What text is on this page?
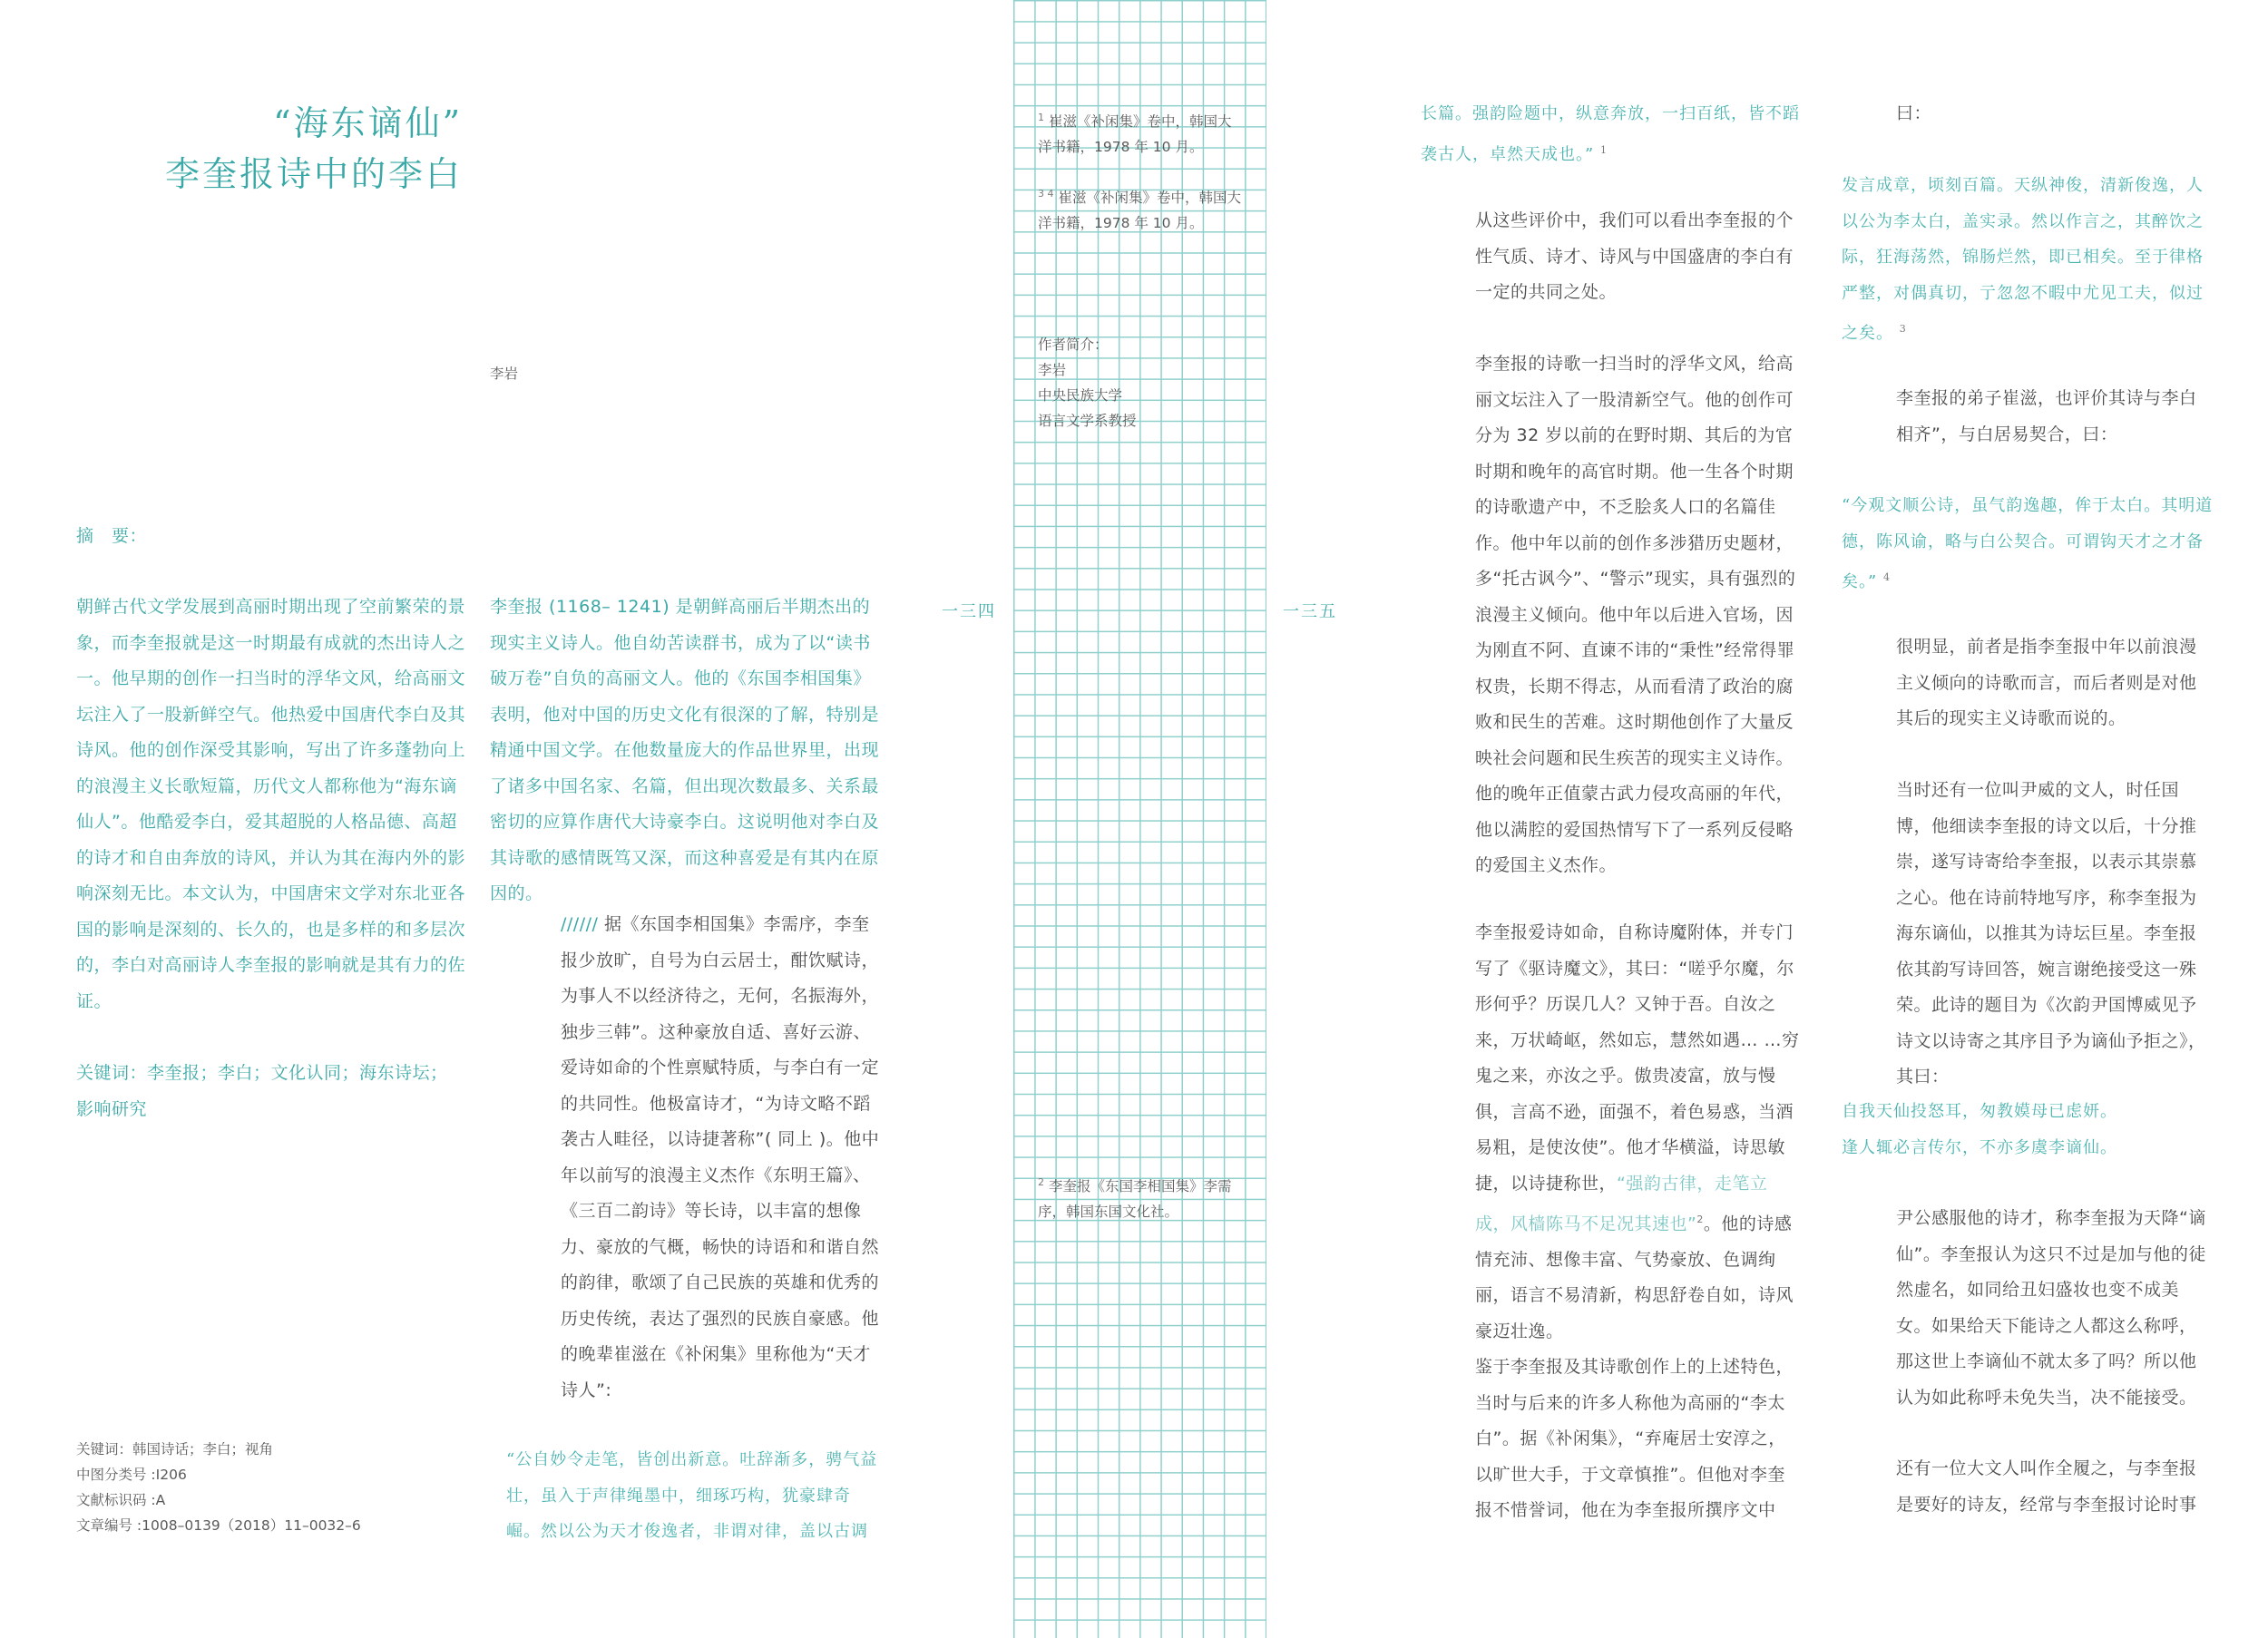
“海东谪仙”
李奎报诗中的李白
李岩
摘　要：
朝鲜古代文学发展到高丽时期出现了空前繁荣的景象，而李奎报就是这一时期最有成就的杰出诗人之一。他早期的创作一扫当时的浮华文风，给高丽文坛注入了一股新鲜空气。他热爱中国唐代李白及其诗风。他的创作深受其影响，写出了许多蓬勃向上的浪漫主义长歌短篇，历代文人都称他为“海东谪仙人”。他酷爱李白，爱其超脱的人格品德、高超的诗才和自由奔放的诗风，并认为其在海内外的影响深刻无比。本文认为，中国唐宋文学对东北亚各国的影响是深刻的、长久的，也是多样的和多层次的，李白对高丽诗人李奎报的影响就是其有力的佐证。
关键词：李奎报；李白；文化认同；海东诗坛； 影响研究
关键词：韩国诗话；李白；视角
中图分类号 :I206
文献标识码 :A
文章编号 :1008–0139（2018）11–0032–6
李奎报 (1168– 1241) 是朝鲜高丽后半期杰出的现实主义诗人。他自幼苦读群书，成为了以“读书破万卷”自负的高丽文人。他的《东国李相国集》表明，他对中国的历史文化有很深的了解，特别是精通中国文学。在他数量庞大的作品世界里，出现了诸多中国名家、名篇，但出现次数最多、关系最密切的应算作唐代大诗豪李白。这说明他对李白及其诗歌的感情既笃又深，而这种喜爱是有其内在原因的。
////// 据《东国李相国集》李需序，李奎报少放旷，自号为白云居士，酣饮赋诗，为事人不以经济待之，无何，名振海外，独步三韩”。这种豪放自适、喜好云游、爱诗如命的个性禀赋特质，与李白有一定的共同性。他极富诗才，“为诗文略不蹈袭古人畦径，以诗捷著称”( 同上 )。他中年以前写的浪漫主义杰作《东明王篇》、《三百二韵诗》等长诗，以丰富的想像力、豪放的气概，畅快的诗语和和谐自然的韵律，歌颂了自己民族的英雄和优秀的历史传统，表达了强烈的民族自豪感。他的晚辈崔滋在《补闲集》里称他为“天才诗人”:
“公自妙令走笔，皆创出新意。吐辞渐多，骋气益壮，虽入于声律绳墨中，细琢巧构，犹豪肆奇崛。然以公为天才俊逸者，非谓对律，盖以古调
一三四
$^1$ 崔滋《补闲集》卷中，韩国大洋书籍，1978 年 10 月。
$^{3 4}$ 崔滋《补闲集》卷中，韩国大洋书籍，1978 年 10 月。
作者简介：
李岩
中央民族大学
语言文学系教授
$^2$ 李奎报《东国李相国集》李需序，韩国东国文化社。
一三五
长篇。强韵险题中，纵意奔放，一扫百纸，皆不蹈袭古人，卓然天成也。” $^1$
从这些评价中，我们可以看出李奎报的个性气质、诗才、诗风与中国盛唐的李白有一定的共同之处。
李奎报的诗歌一扫当时的浮华文风，给高丽文坛注入了一股清新空气。他的创作可分为 32 岁以前的在野时期、其后的为官时期和晚年的高官时期。他一生各个时期的诗歌遗产中，不乏脍炙人口的名篇佳作。他中年以前的创作多涉猎历史题材，多“托古讽今”、“警示”现实，具有强烈的浪漫主义倾向。他中年以后进入官场，因为刚直不阿、直谏不讳的“秉性”经常得罪权贵，长期不得志，从而看清了政治的腐败和民生的苦难。这时期他创作了大量反映社会问题和民生疾苦的现实主义诗作。他的晚年正值蒙古武力侵攻高丽的年代，他以满腔的爱国热情写下了一系列反侵略的爱国主义杰作。
李奎报爱诗如命，自称诗魔附体，并专门写了《驱诗魔文》，其曰：“嗟乎尔魔，尔形何乎？历误几人？又钟于吾。自汝之来，万状崎岖，然如忘，慧然如遇… …穷鬼之来，亦汝之乎。傲贵凌富，放与慢俱，言高不逊，面强不，着色易惑，当酒易粗，是使汝使”。他才华横溢，诗思敏捷，以诗捷称世，“强韵古律，走笔立成，风樯陈马不足况其速也”$^2$。他的诗感情充沛、想像丰富、气势豪放、色调绚丽，语言不易清新，构思舒卷自如，诗风豪迈壮逸。
鉴于李奎报及其诗歌创作上的上述特色，当时与后来的许多人称他为高丽的“李太白”。据《补闲集》，“弃庵居士安淳之，以旷世大手，于文章慎推”。但他对李奎报不惜誉词，他在为李奎报所撰序文中
曰：
发言成章，顷刻百篇。天纵神俊，清新俊逸，人以公为李太白，盖实录。然以作言之，其醉饮之际，狂海荡然，锦肠烂然，即已相矣。至于律格严整，对偶真切，亍忽忽不暇中尤见工夫，似过之矣。 $^3$
李奎报的弟子崔滋，也评价其诗与李白相齐”，与白居易契合，曰：
“今观文顺公诗，虽气韵逸趣，侔于太白。其明道德，陈风谕，略与白公契合。可谓钩天才之才备矣。” $^4$
很明显，前者是指李奎报中年以前浪漫主义倾向的诗歌而言，而后者则是对他其后的现实主义诗歌而说的。
当时还有一位叫尹威的文人，时任国博，他细读李奎报的诗文以后，十分推崇，遂写诗寄给李奎报，以表示其崇慕之心。他在诗前特地写序，称李奎报为海东谪仙，以推其为诗坛巨星。李奎报依其韵写诗回答，婉言谢绝接受这一殊荣。此诗的题目为《次韵尹国博威见予诗文以诗寄之其序目予为谪仙予拒之》，其曰：
自我天仙投怒耳，匆教嫫母已虑妍。
逢人辄必言传尔，不亦多虞李谪仙。
尹公感服他的诗才，称李奎报为天降“谪仙”。李奎报认为这只不过是加与他的徒然虚名，如同给丑妇盛妆也变不成美女。如果给天下能诗之人都这么称呼，那这世上李谪仙不就太多了吗？所以他认为如此称呼未免失当，决不能接受。
还有一位大文人叫作全履之，与李奎报是要好的诗友，经常与李奎报讨论时事
